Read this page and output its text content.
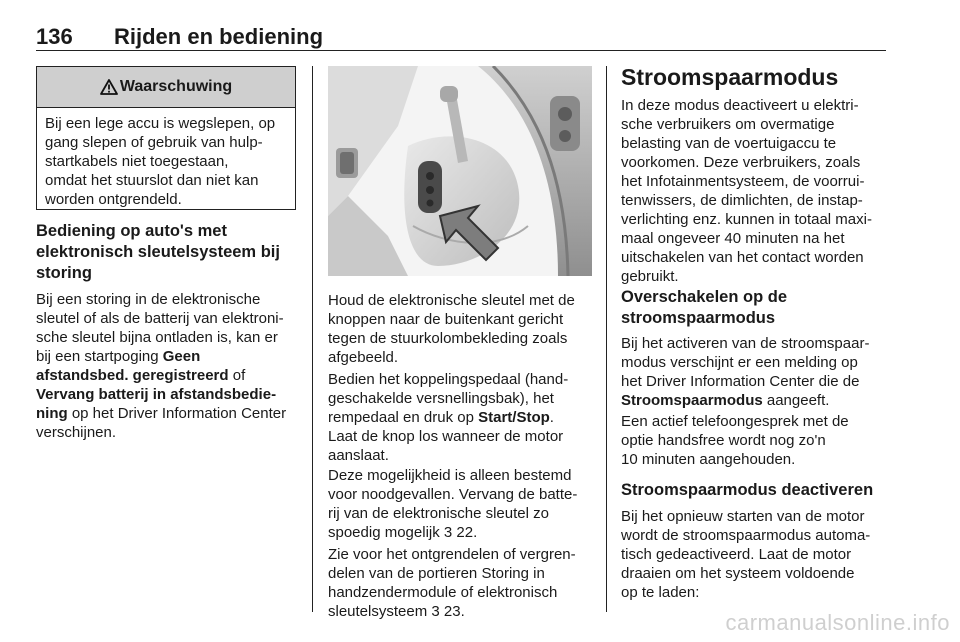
136 Rijden en bediening
Waarschuwing
Bij een lege accu is wegslepen, op
gang slepen of gebruik van hulp-
startkabels niet toegestaan,
omdat het stuurslot dan niet kan
worden ontgrendeld.
Bediening op auto's met
elektronisch sleutelsysteem bij
storing
Bij een storing in de elektronische
sleutel of als de batterij van elektroni-
sche sleutel bijna ontladen is, kan er
bij een startpoging Geen
afstandsbed. geregistreerd of
Vervang batterij in afstandsbedie-
ning op het Driver Information Center
verschijnen.
Houd de elektronische sleutel met de
knoppen naar de buitenkant gericht
tegen de stuurkolombekleding zoals
afgebeeld.
Bedien het koppelingspedaal (hand-
geschakelde versnellingsbak), het
rempedaal en druk op Start/Stop.
Laat de knop los wanneer de motor
aanslaat.
Deze mogelijkheid is alleen bestemd
voor noodgevallen. Vervang de batte-
rij van de elektronische sleutel zo
spoedig mogelijk 3 22.
Zie voor het ontgrendelen of vergren-
delen van de portieren Storing in
handzendermodule of elektronisch
sleutelsysteem 3 23.
Stroomspaarmodus
In deze modus deactiveert u elektri-
sche verbruikers om overmatige
belasting van de voertuigaccu te
voorkomen. Deze verbruikers, zoals
het Infotainmentsysteem, de voorrui-
tenwissers, de dimlichten, de instap-
verlichting enz. kunnen in totaal maxi-
maal ongeveer 40 minuten na het
uitschakelen van het contact worden
gebruikt.
Overschakelen op de
stroomspaarmodus
Bij het activeren van de stroomspaar-
modus verschijnt er een melding op
het Driver Information Center die de
Stroomspaarmodus aangeeft.
Een actief telefoongesprek met de
optie handsfree wordt nog zo'n
10 minuten aangehouden.
Stroomspaarmodus deactiveren
Bij het opnieuw starten van de motor
wordt de stroomspaarmodus automa-
tisch gedeactiveerd. Laat de motor
draaien om het systeem voldoende
op te laden:
carmanualsonline.info
